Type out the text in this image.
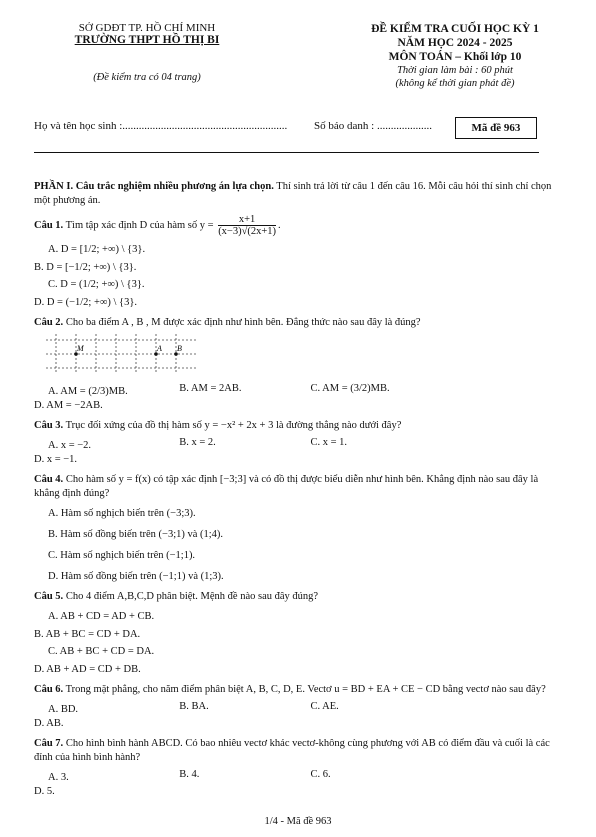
SỞ GDĐT TP. HỒ CHÍ MINH
TRƯỜNG THPT HỒ THỊ BI
(Đề kiểm tra có 04 trang)
ĐỀ KIỂM TRA CUỐI HỌC KỲ 1
NĂM HỌC 2024 - 2025
MÔN TOÁN – Khối lớp 10
Thời gian làm bài : 60 phút
(không kể thời gian phát đề)
Họ và tên học sinh :............................................................ Số báo danh : ....................	Mã đề 963
PHẦN I. Câu trắc nghiệm nhiều phương án lựa chọn. Thí sinh trả lời từ câu 1 đến câu 16. Mỗi câu hỏi thí sinh chỉ chọn một phương án.
Câu 1. Tìm tập xác định D của hàm số $y = \frac{x+1}{(x-3)√(2x+1)}$ .
A. D = [1/2; +∞) \ {3}.
B. D = [−1/2; +∞) \ {3}.
C. D = (1/2; +∞) \ {3}.
D. D = (−1/2; +∞) \ {3}.
Câu 2. Cho ba điểm A , B , M được xác định như hình bên. Đẳng thức nào sau đây là đúng?
M	A B
A. AM = (2/3)MB.	B. AM = 2AB.	C. AM = (3/2)MB.
D. AM = −2AB.
Câu 3. Trục đối xứng của đồ thị hàm số y = −x² + 2x + 3 là đường thẳng nào dưới đây?
A. x = −2.	B. x = 2.	C. x = 1.
D. x = −1.
Câu 4. Cho hàm số y = f(x) có tập xác định [−3;3] và có đồ thị được biểu diễn như hình bên. Khẳng định nào sau đây là khẳng định đúng?
A. Hàm số nghịch biến trên (−3;3).
B. Hàm số đồng biến trên (−3;1) và (1;4).
C. Hàm số nghịch biến trên (−1;1).
D. Hàm số đồng biến trên (−1;1) và (1;3).
Câu 5. Cho 4 điểm A,B,C,D phân biệt. Mệnh đề nào sau đây đúng?
A. AB + CD = AD + CB.
B. AB + BC = CD + DA.
C. AB + BC + CD = DA.
D. AB + AD = CD + DB.
Câu 6. Trong mặt phẳng, cho năm điểm phân biệt A, B, C, D, E. Vectơ u = BD + EA + CE − CD bằng vectơ nào sau đây?
A. BD.	B. BA.	C. AE.
D. AB.
Câu 7. Cho hình bình hành ABCD. Có bao nhiêu vectơ khác vectơ-không cùng phương với AB có điểm đầu và cuối là các đỉnh của hình bình hành?
A. 3.	B. 4.	C. 6.
D. 5.
1/4 - Mã đề 963
